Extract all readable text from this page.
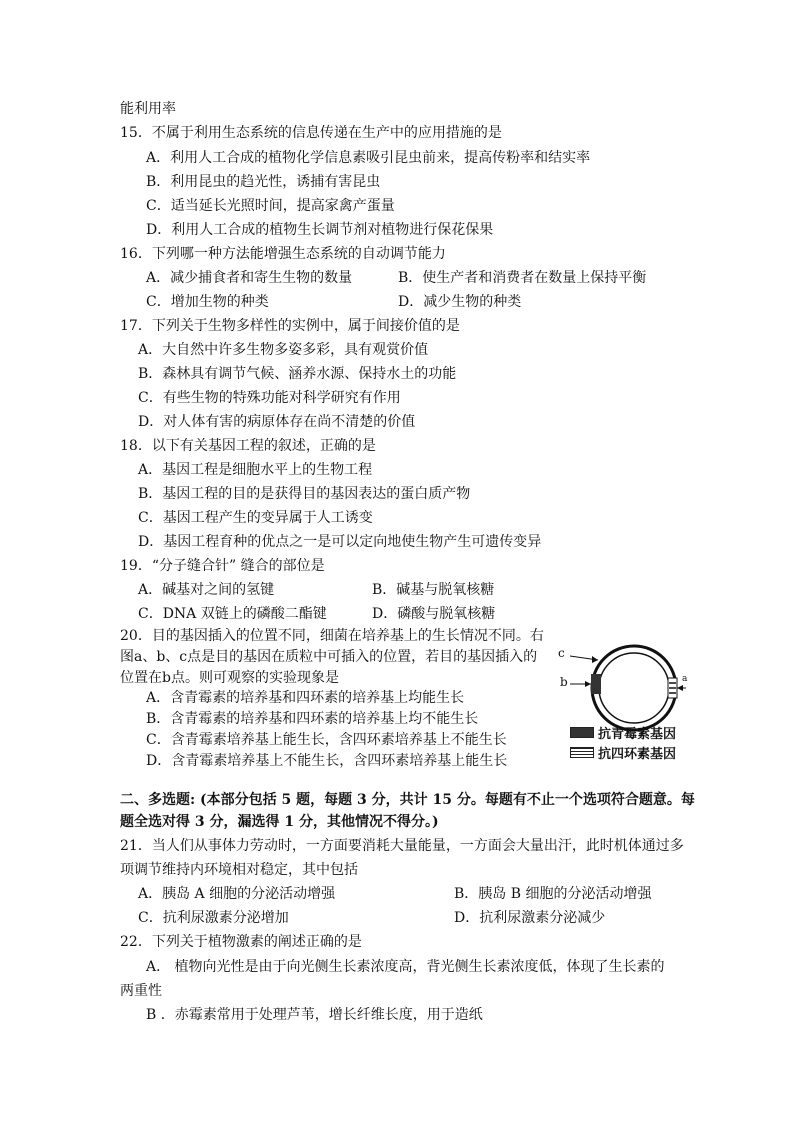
能利用率
15．不属于利用生态系统的信息传递在生产中的应用措施的是
A．利用人工合成的植物化学信息素吸引昆虫前来，提高传粉率和结实率
B．利用昆虫的趋光性，诱捕有害昆虫
C．适当延长光照时间，提高家禽产蛋量
D．利用人工合成的植物生长调节剂对植物进行保花保果
16．下列哪一种方法能增强生态系统的自动调节能力
A．减少捕食者和寄生生物的数量	B．使生产者和消费者在数量上保持平衡
C．增加生物的种类	D．减少生物的种类
17．下列关于生物多样性的实例中，属于间接价值的是
A．大自然中许多生物多姿多彩，具有观赏价值
B．森林具有调节气候、涵养水源、保持水土的功能
C．有些生物的特殊功能对科学研究有作用
D．对人体有害的病原体存在尚不清楚的价值
18．以下有关基因工程的叙述，正确的是
A．基因工程是细胞水平上的生物工程
B．基因工程的目的是获得目的基因表达的蛋白质产物
C．基因工程产生的变异属于人工诱变
D．基因工程育种的优点之一是可以定向地使生物产生可遗传变异
19．“分子缝合针” 缝合的部位是
A．碱基对之间的氢键	B．碱基与脱氧核糖
C．DNA 双链上的磷酸二酯键	D．磷酸与脱氧核糖
20．目的基因插入的位置不同，细菌在培养基上的生长情况不同。右
图a、b、c点是目的基因在质粒中可插入的位置，若目的基因插入的
位置在b点。则可观察的实验现象是
A．含青霉素的培养基和四环素的培养基上均能生长
B．含青霉素的培养基和四环素的培养基上均不能生长
C．含青霉素培养基上能生长，含四环素培养基上不能生长
D．含青霉素培养基上不能生长，含四环素培养基上能生长
c
b	a
抗青霉素基因
抗四环素基因
二、多选题: (本部分包括 5 题，每题 3 分，共计 15 分。每题有不止一个选项符合题意。每
题全选对得 3 分，漏选得 1 分，其他情况不得分。)
21．当人们从事体力劳动时，一方面要消耗大量能量，一方面会大量出汗，此时机体通过多
项调节维持内环境相对稳定，其中包括
A．胰岛 A 细胞的分泌活动增强	B．胰岛 B 细胞的分泌活动增强
C．抗利尿激素分泌增加	D．抗利尿激素分泌减少
22．下列关于植物激素的阐述正确的是
A． 植物向光性是由于向光侧生长素浓度高，背光侧生长素浓度低，体现了生长素的
两重性
B ．赤霉素常用于处理芦苇，增长纤维长度，用于造纸
